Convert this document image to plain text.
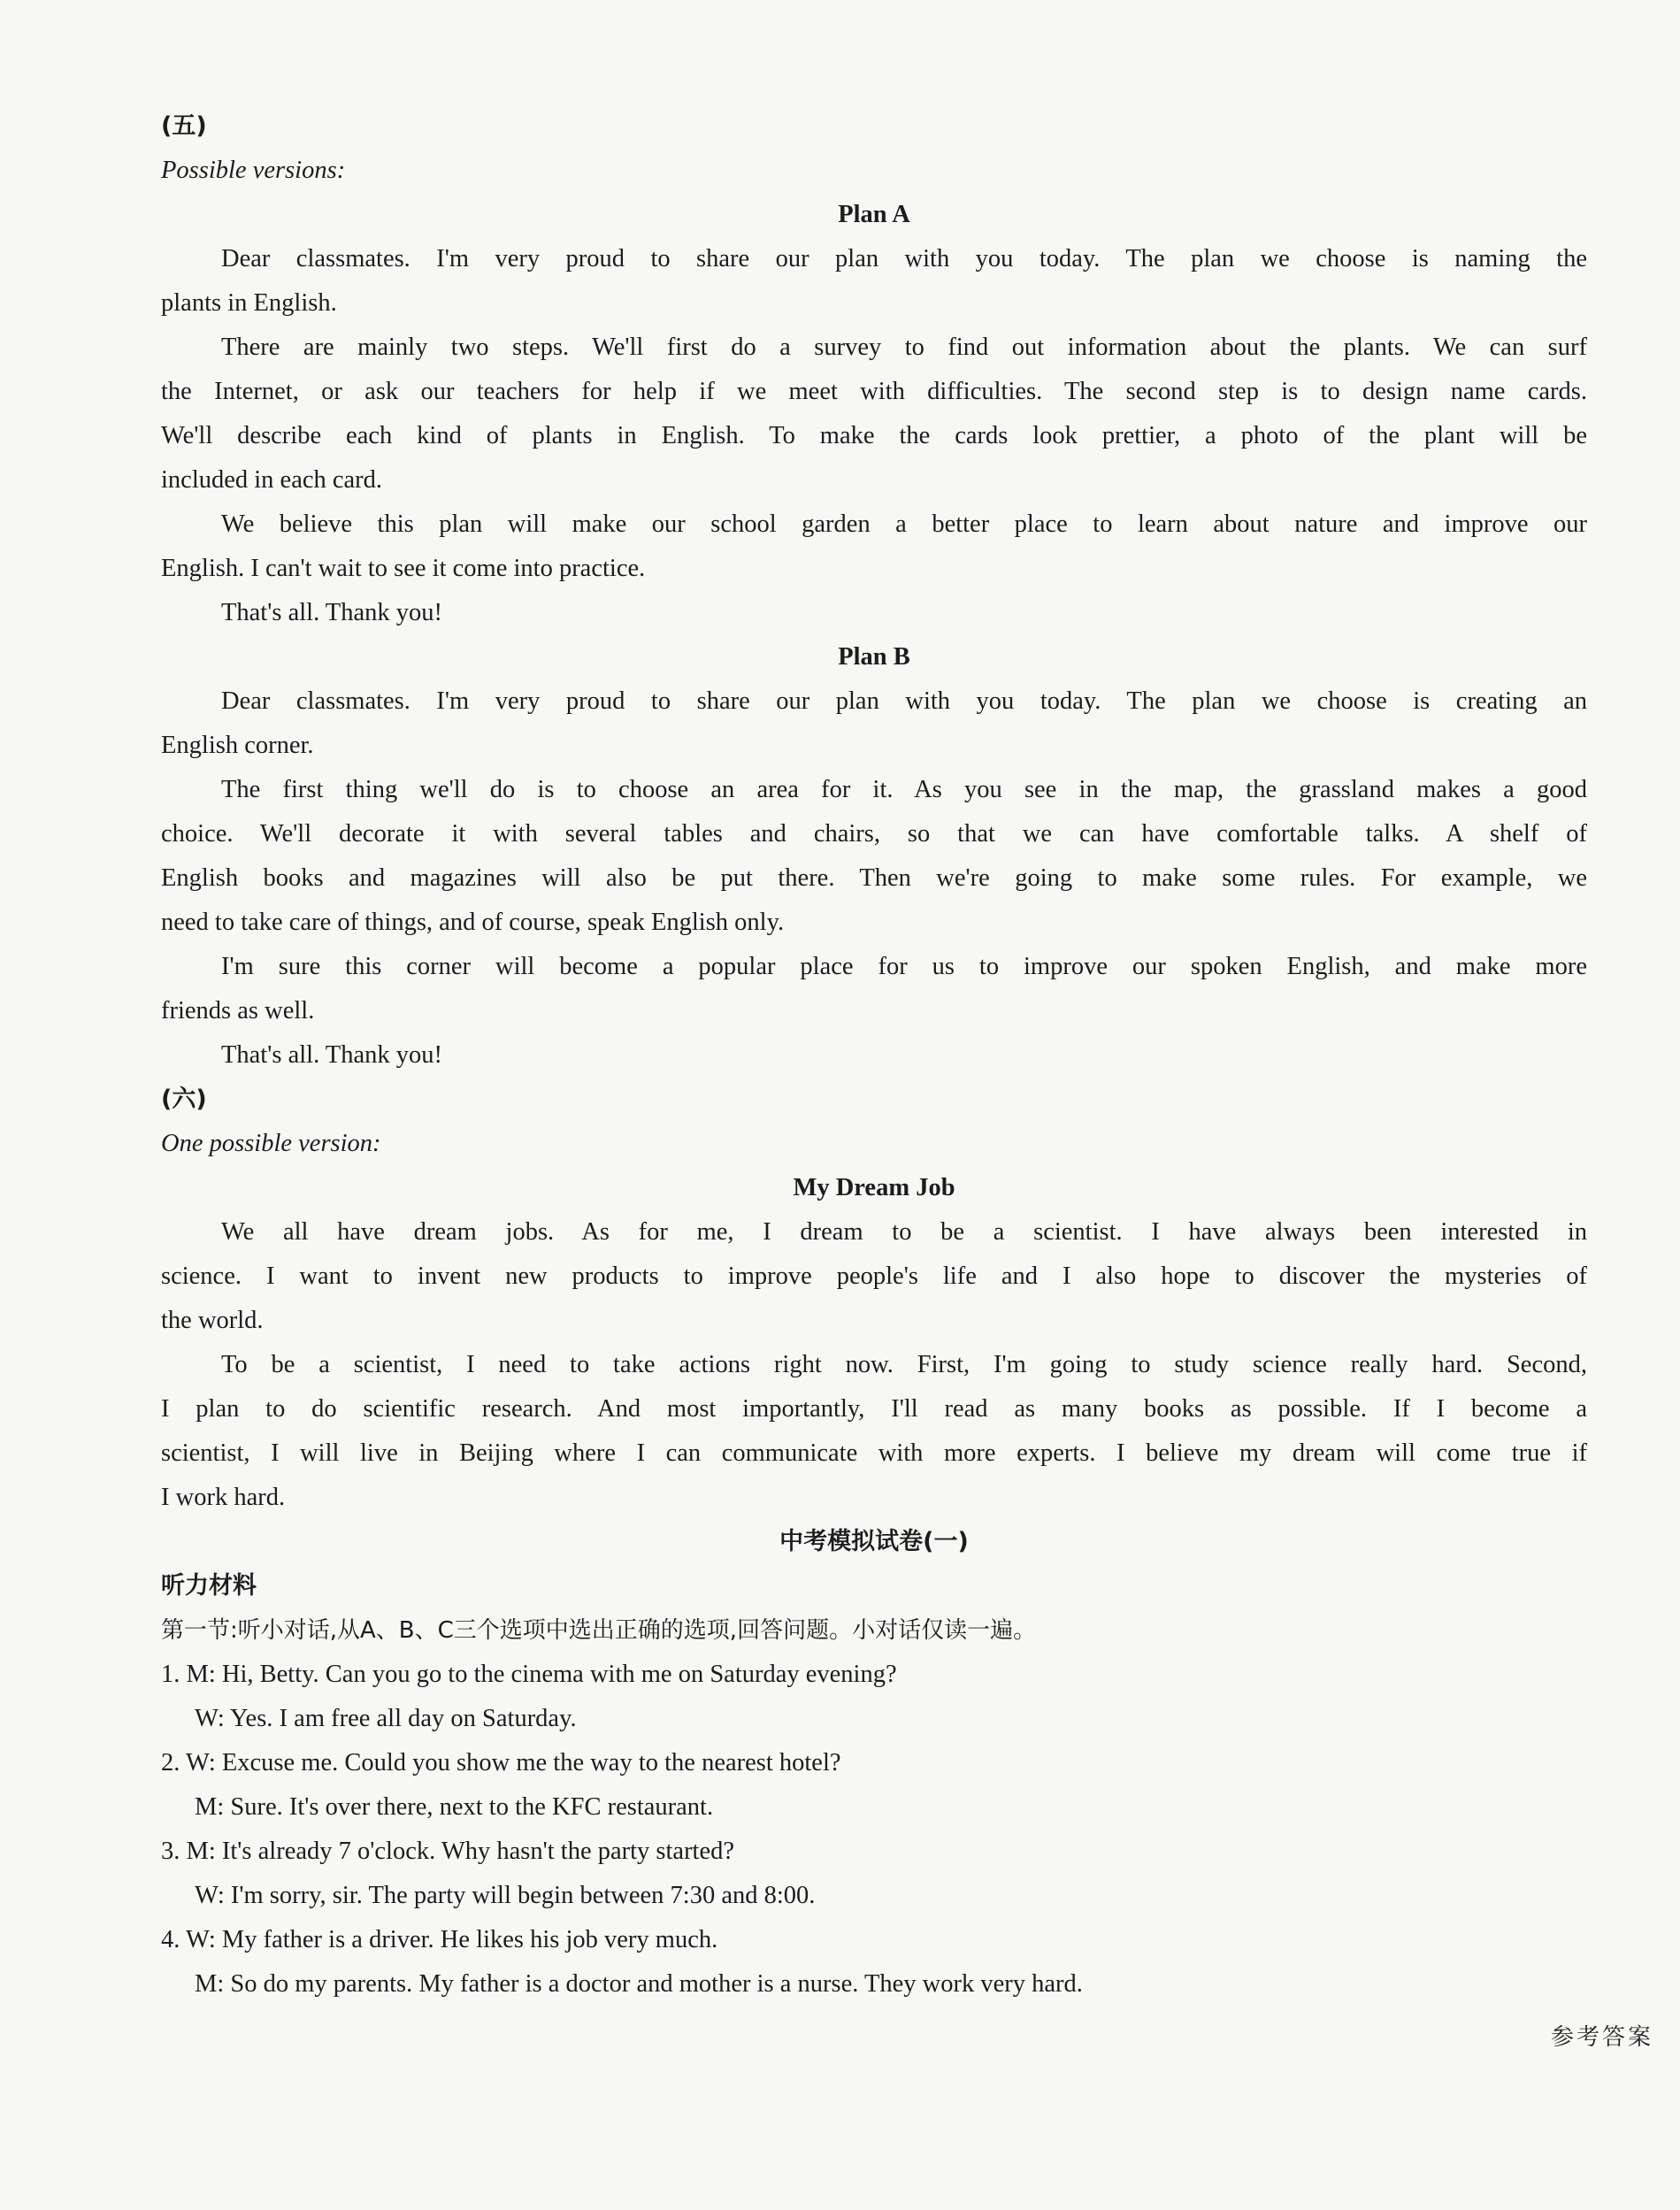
(五)
Possible versions:
Plan A
Dear classmates. I'm very proud to share our plan with you today. The plan we choose is naming the
plants in English.
There are mainly two steps. We'll first do a survey to find out information about the plants. We can surf
the Internet, or ask our teachers for help if we meet with difficulties. The second step is to design name cards.
We'll describe each kind of plants in English. To make the cards look prettier, a photo of the plant will be
included in each card.
We believe this plan will make our school garden a better place to learn about nature and improve our
English. I can't wait to see it come into practice.
That's all. Thank you!
Plan B
Dear classmates. I'm very proud to share our plan with you today. The plan we choose is creating an
English corner.
The first thing we'll do is to choose an area for it. As you see in the map, the grassland makes a good
choice. We'll decorate it with several tables and chairs, so that we can have comfortable talks. A shelf of
English books and magazines will also be put there. Then we're going to make some rules. For example, we
need to take care of things, and of course, speak English only.
I'm sure this corner will become a popular place for us to improve our spoken English, and make more
friends as well.
That's all. Thank you!
(六)
One possible version:
My Dream Job
We all have dream jobs. As for me, I dream to be a scientist. I have always been interested in
science. I want to invent new products to improve people's life and I also hope to discover the mysteries of
the world.
To be a scientist, I need to take actions right now. First, I'm going to study science really hard. Second,
I plan to do scientific research. And most importantly, I'll read as many books as possible. If I become a
scientist, I will live in Beijing where I can communicate with more experts. I believe my dream will come true if
I work hard.
中考模拟试卷(一)
听力材料
第一节:听小对话,从A、B、C三个选项中选出正确的选项,回答问题。小对话仅读一遍。
1. M: Hi, Betty. Can you go to the cinema with me on Saturday evening?
W: Yes. I am free all day on Saturday.
2. W: Excuse me. Could you show me the way to the nearest hotel?
M: Sure. It's over there, next to the KFC restaurant.
3. M: It's already 7 o'clock. Why hasn't the party started?
W: I'm sorry, sir. The party will begin between 7:30 and 8:00.
4. W: My father is a driver. He likes his job very much.
M: So do my parents. My father is a doctor and mother is a nurse. They work very hard.
参考答案
